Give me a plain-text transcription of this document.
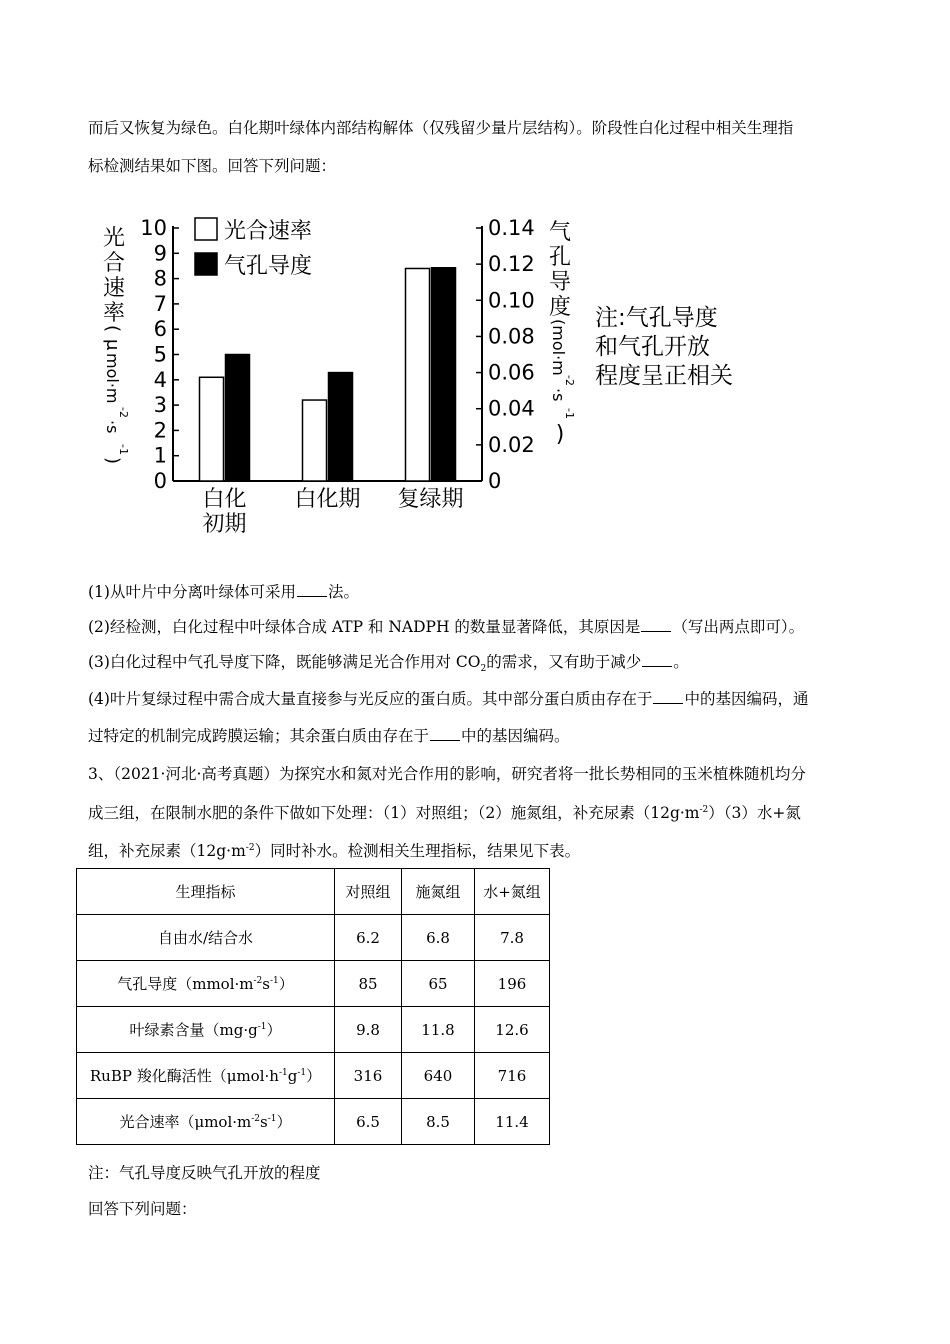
而后又恢复为绿色。白化期叶绿体内部结构解体（仅残留少量片层结构）。阶段性白化过程中相关生理指
标检测结果如下图。回答下列问题：
0
1
2
3
4
5
6
7
8
9
10
0
0.02
0.04
0.06
0.08
0.10
0.12
0.14
白化
初期
白化期 复绿期
光合速率
气孔导度
光
合
速
率
(
μ
mol·m
-2
·s
-1
)
气
孔
导
度
(mol·m
-2
·s
-1
)
注:气孔导度
和气孔开放
程度呈正相关
(1)从叶片中分离叶绿体可采用 法。
(2)经检测，白化过程中叶绿体合成 ATP 和 NADPH 的数量显著降低，其原因是 （写出两点即可）。
(3)白化过程中气孔导度下降，既能够满足光合作用对 $CO_2$的需求，又有助于减少 。
(4)叶片复绿过程中需合成大量直接参与光反应的蛋白质。其中部分蛋白质由存在于 中的基因编码，通
过特定的机制完成跨膜运输；其余蛋白质由存在于 中的基因编码。
3、（2021·河北·高考真题）为探究水和氮对光合作用的影响，研究者将一批长势相同的玉米植株随机均分
成三组，在限制水肥的条件下做如下处理：（1）对照组；（2）施氮组，补充尿素$(12g\cdot m^{-2})(3)$水+氮
组，补充尿素$(12g\cdot m^{-2})$同时补水。检测相关生理指标，结果见下表。
生理指标	对照组	施氮组	水+氮组
自由水/结合水	6.2	6.8	7.8
气孔导度$(mmol\cdot m^{-2}s^{-1})$	85	65	196
叶绿素含量$(mg\cdot g^{-1})$	9.8	11.8	12.6
RuBP 羧化酶活性$(\mu mol\cdot h^{-1}g^{-1})$	316	640	716
光合速率$(\mu mol\cdot m^{-2}s^{-1})$	6.5	8.5	11.4
注：气孔导度反映气孔开放的程度
回答下列问题：
